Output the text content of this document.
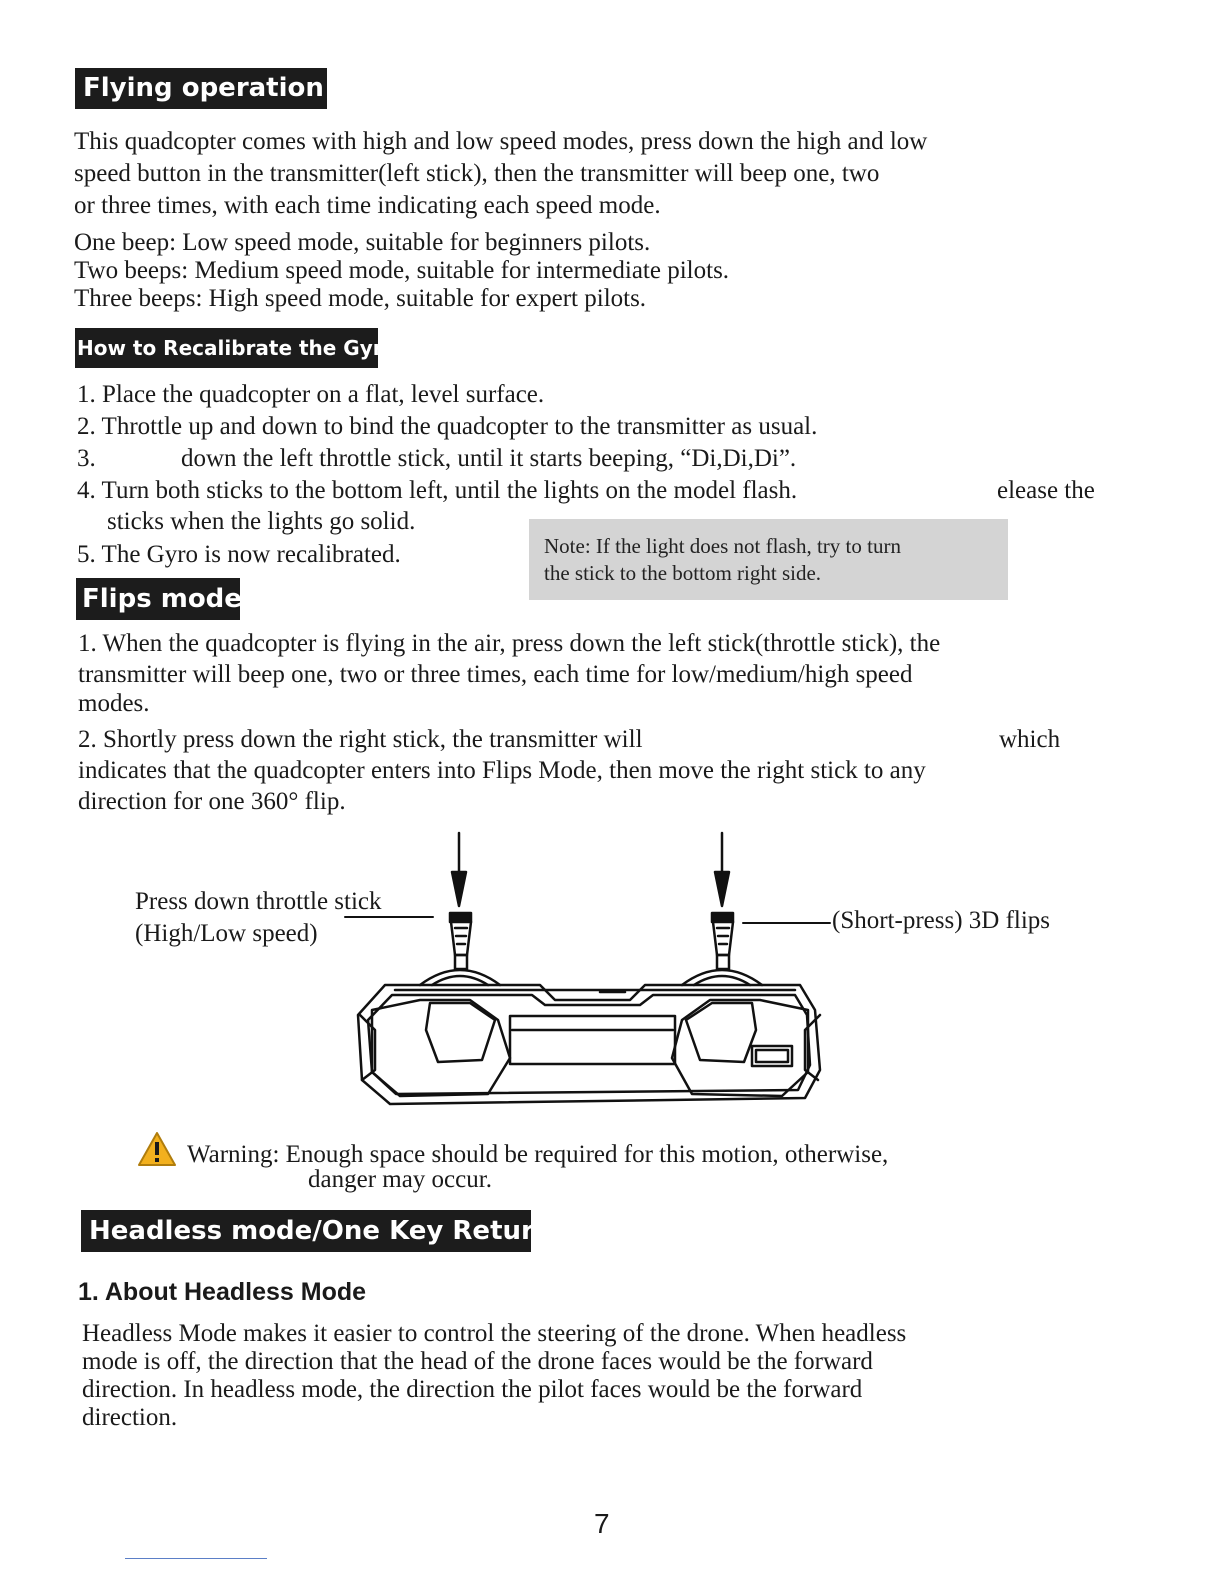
Flying operation
This quadcopter comes with high and low speed modes, press down the high and low
speed button in the transmitter(left stick), then the transmitter will beep one, two
or three times, with each time indicating each speed mode.
One beep: Low speed mode, suitable for beginners pilots.
Two beeps: Medium speed mode, suitable for intermediate pilots.
Three beeps: High speed mode, suitable for expert pilots.
How to Recalibrate the Gyro
1. Place the quadcopter on a flat, level surface.
2. Throttle up and down to bind the quadcopter to the transmitter as usual.
3.	down the left throttle stick, until it starts beeping, “Di,Di,Di”.
4. Turn both sticks to the bottom left, until the lights on the model flash.	elease the
sticks when the lights go solid.
5. The Gyro is now recalibrated.	Note: If the light does not flash, try to turn
the stick to the bottom right side.
Flips mode:
1. When the quadcopter is flying in the air, press down the left stick(throttle stick), the
transmitter will beep one, two or three times, each time for low/medium/high speed
modes.
2. Shortly press down the right stick, the transmitter will	which
indicates that the quadcopter enters into Flips Mode, then move the right stick to any
direction for one 360° flip.
Press down throttle stick
(High/Low speed)	(Short-press) 3D flips
Warning: Enough space should be required for this motion, otherwise,
danger may occur.
Headless mode/One Key Return：
1. About Headless Mode
Headless Mode makes it easier to control the steering of the drone. When headless
mode is off, the direction that the head of the drone faces would be the forward
direction. In headless mode, the direction the pilot faces would be the forward
direction.
7
